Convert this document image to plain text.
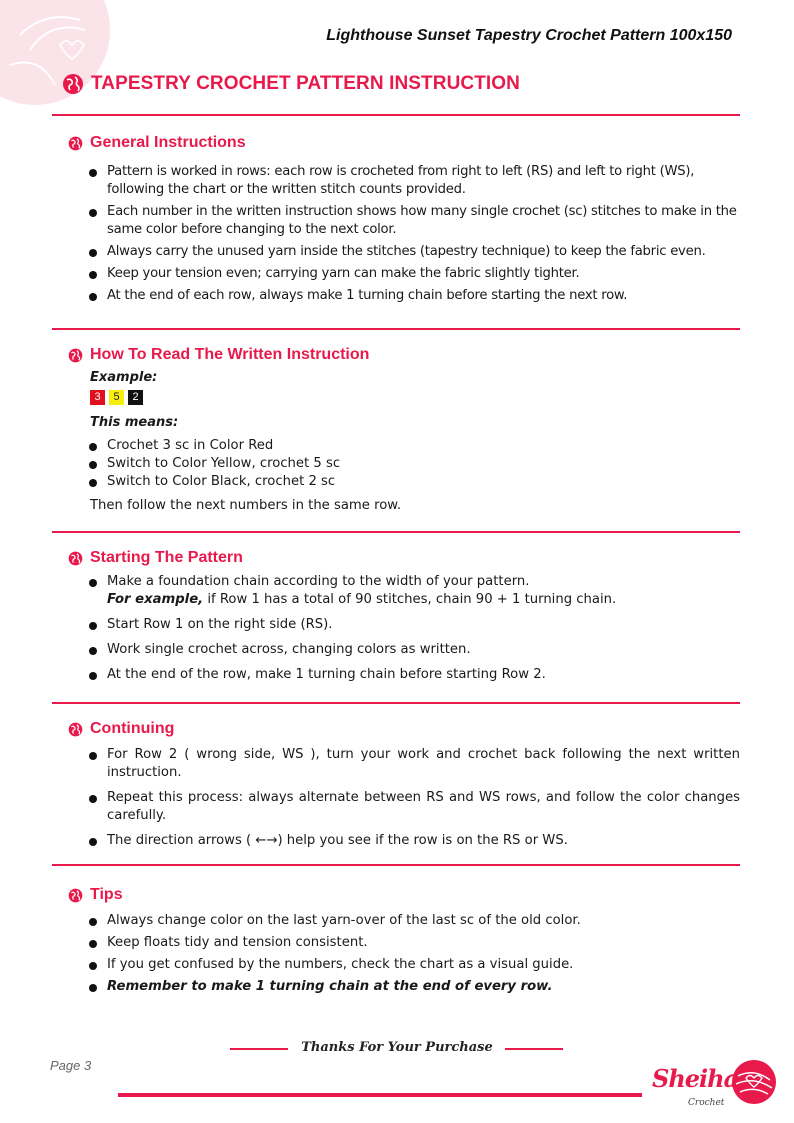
Lighthouse Sunset Tapestry Crochet Pattern 100x150
TAPESTRY CROCHET PATTERN INSTRUCTION
General Instructions
Pattern is worked in rows: each row is crocheted from right to left (RS) and left to right (WS), following the chart or the written stitch counts provided.
Each number in the written instruction shows how many single crochet (sc) stitches to make in the same color before changing to the next color.
Always carry the unused yarn inside the stitches (tapestry technique) to keep the fabric even.
Keep your tension even; carrying yarn can make the fabric slightly tighter.
At the end of each row, always make 1 turning chain before starting the next row.
How To Read The Written Instruction
Example:
3	5	2
This means:
Crochet 3 sc in Color Red
Switch to Color Yellow, crochet 5 sc
Switch to Color Black, crochet 2 sc
Then follow the next numbers in the same row.
Starting The Pattern
Make a foundation chain according to the width of your pattern.
For example, if Row 1 has a total of 90 stitches, chain 90 + 1 turning chain.
Start Row 1 on the right side (RS).
Work single crochet across, changing colors as written.
At the end of the row, make 1 turning chain before starting Row 2.
Continuing
For Row 2 ( wrong side, WS ), turn your work and crochet back following the next written instruction.
Repeat this process: always alternate between RS and WS rows, and follow the color changes carefully.
The direction arrows ( ←→) help you see if the row is on the RS or WS.
Tips
Always change color on the last yarn-over of the last sc of the old color.
Keep floats tidy and tension consistent.
If you get confused by the numbers, check the chart as a visual guide.
Remember to make 1 turning chain at the end of every row.
Thanks For Your Purchase
Page 3	Sheiha
Crochet
